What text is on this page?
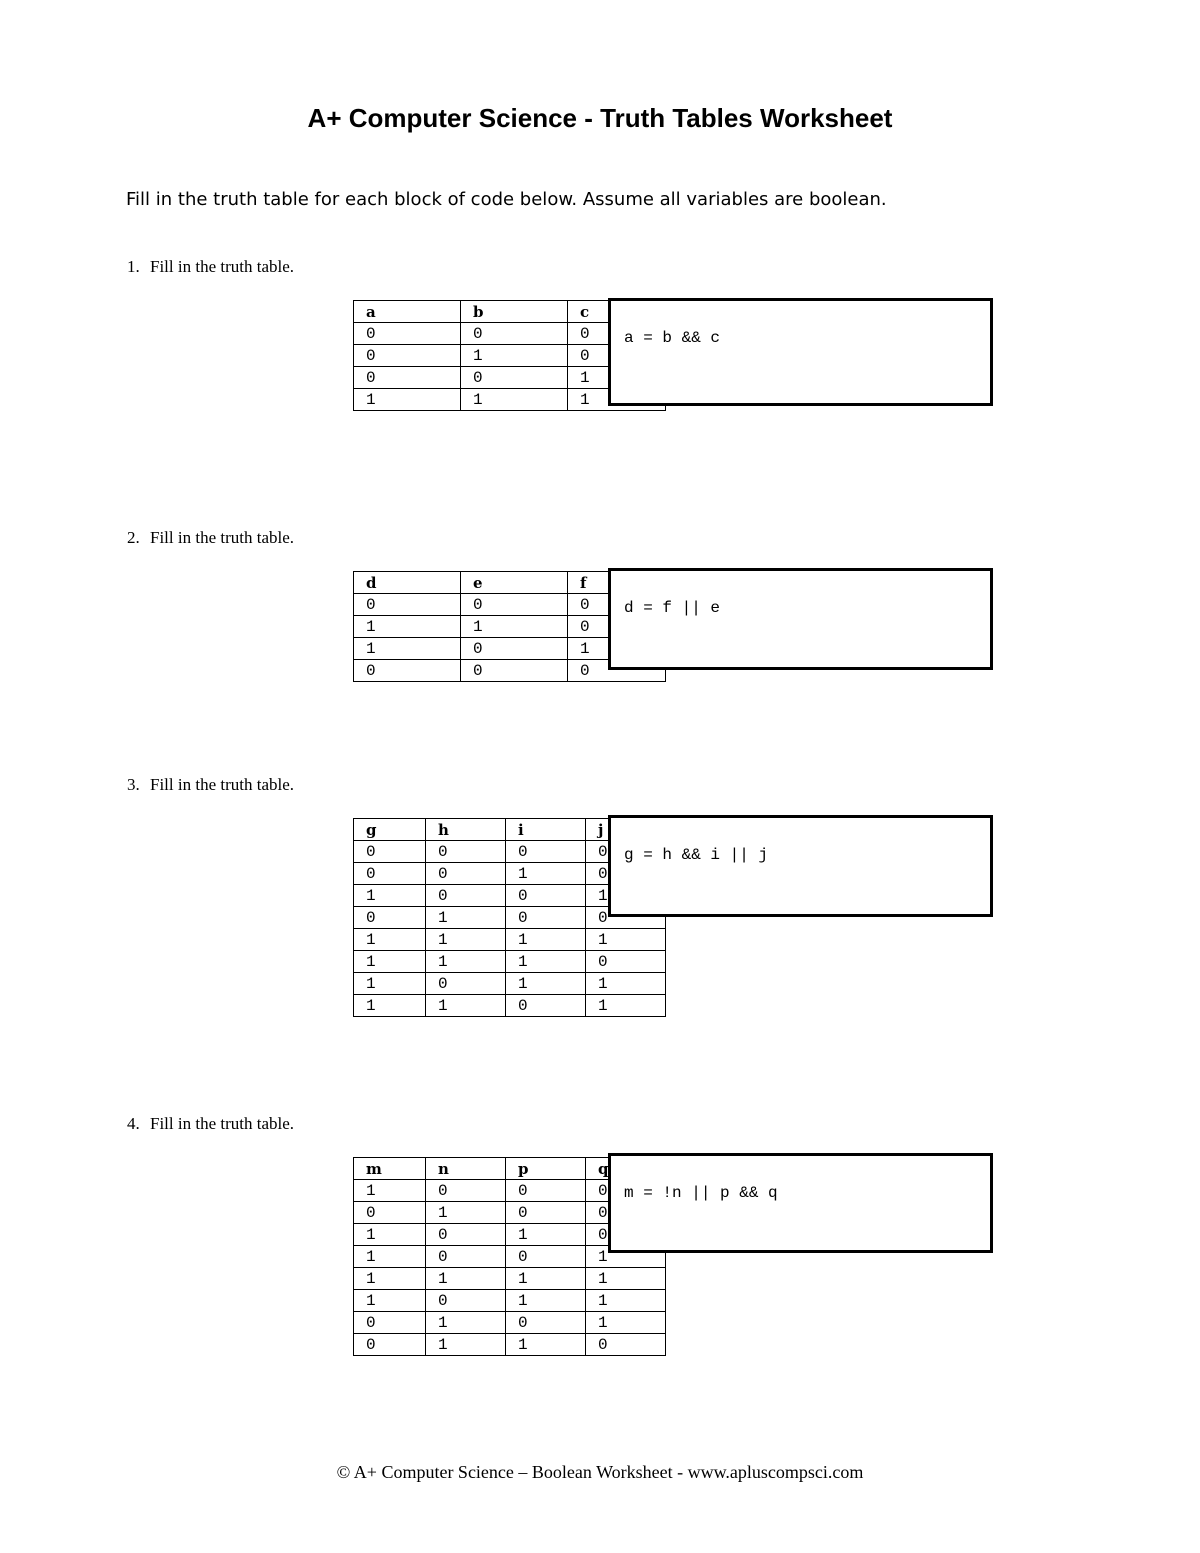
A+ Computer Science - Truth Tables Worksheet

Fill in the truth table for each block of code below. Assume all variables are boolean.

1. Fill in the truth table.

a	b	c
0	0	0
0	1	0
0	0	1
1	1	1
a = b && c

2. Fill in the truth table.

d	e	f
0	0	0
1	1	0
1	0	1
0	0	0
d = f || e

3. Fill in the truth table.

g	h	i	j
0	0	0	0
0	0	1	0
1	0	0	1
0	1	0	0
1	1	1	1
1	1	1	0
1	0	1	1
1	1	0	1
g = h && i || j

4. Fill in the truth table.

m	n	p	q
1	0	0	0
0	1	0	0
1	0	1	0
1	0	0	1
1	1	1	1
1	0	1	1
0	1	0	1
0	1	1	0
m = !n || p && q

© A+ Computer Science – Boolean Worksheet - www.apluscompsci.com
